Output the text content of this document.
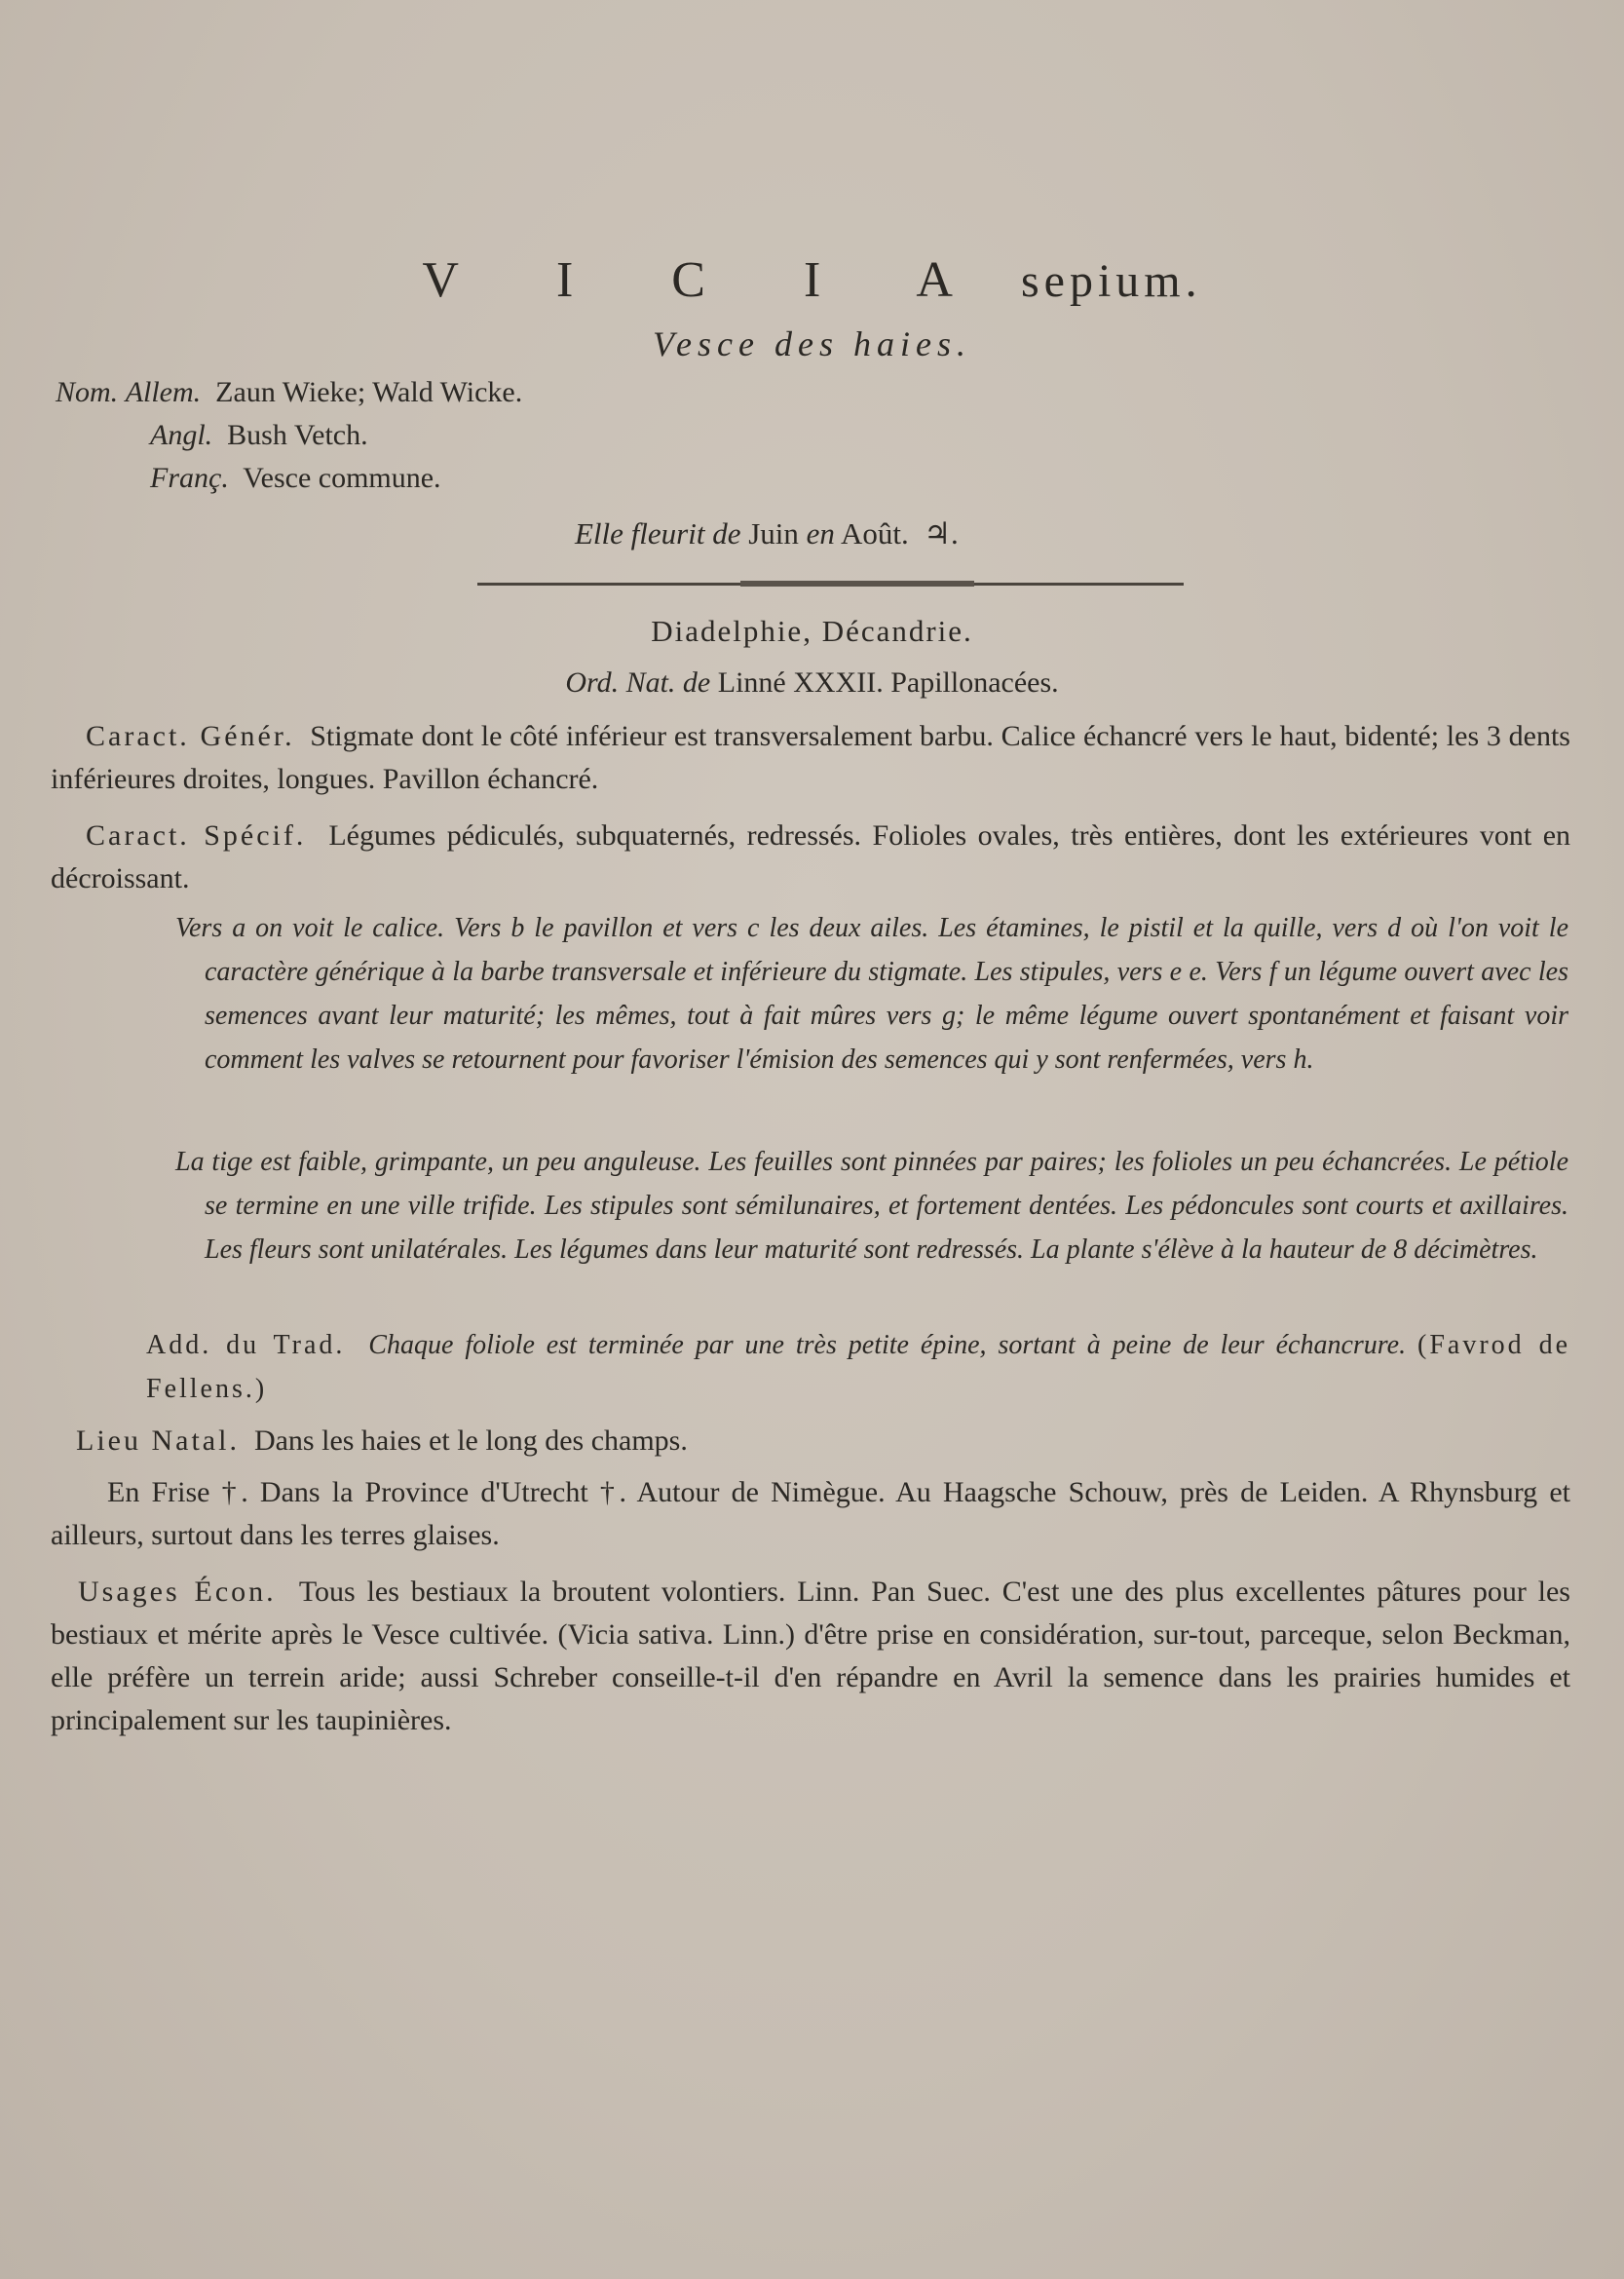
V I C I A sepium.
Vesce des haies.
Nom. Allem. Zaun Wieke; Wald Wicke.
Angl. Bush Vetch.
Franç. Vesce commune.
Elle fleurit de Juin en Août. ♃.
Diadelphie, Décandrie.
Ord. Nat. de Linné XXXII. Papillonacées.
Caract. Génér. Stigmate dont le côté inférieur est transversalement barbu. Calice échancré vers le haut, bidenté; les 3 dents inférieures droites, longues. Pavillon échancré.
Caract. Spécif. Légumes pédiculés, subquaternés, redressés. Folioles ovales, très entières, dont les extérieures vont en décroissant.
Vers a on voit le calice. Vers b le pavillon et vers c les deux ailes. Les étamines, le pistil et la quille, vers d où l'on voit le caractère générique à la barbe transversale et inférieure du stigmate. Les stipules, vers e e. Vers f un légume ouvert avec les semences avant leur maturité; les mêmes, tout à fait mûres vers g; le même légume ouvert spontanément et faisant voir comment les valves se retournent pour favoriser l'émision des semences qui y sont renfermées, vers h.
La tige est faible, grimpante, un peu anguleuse. Les feuilles sont pinnées par paires; les folioles un peu échancrées. Le pétiole se termine en une ville trifide. Les stipules sont sémilunaires, et fortement dentées. Les pédoncules sont courts et axillaires. Les fleurs sont unilatérales. Les légumes dans leur maturité sont redressés. La plante s'élève à la hauteur de 8 décimètres.
Add. du Trad. Chaque foliole est terminée par une très petite épine, sortant à peine de leur échancrure. (Favrod de Fellens.)
Lieu Natal. Dans les haies et le long des champs.
En Frise †. Dans la Province d'Utrecht †. Autour de Nimègue. Au Haagsche Schouw, près de Leiden. A Rhynsburg et ailleurs, surtout dans les terres glaises.
Usages Écon. Tous les bestiaux la broutent volontiers. Linn. Pan Suec. C'est une des plus excellentes pâtures pour les bestiaux et mérite après le Vesce cultivée. (Vicia sativa. Linn.) d'être prise en considération, sur-tout, parceque, selon Beckman, elle préfère un terrein aride; aussi Schreber conseille-t-il d'en répandre en Avril la semence dans les prairies humides et principalement sur les taupinières.
